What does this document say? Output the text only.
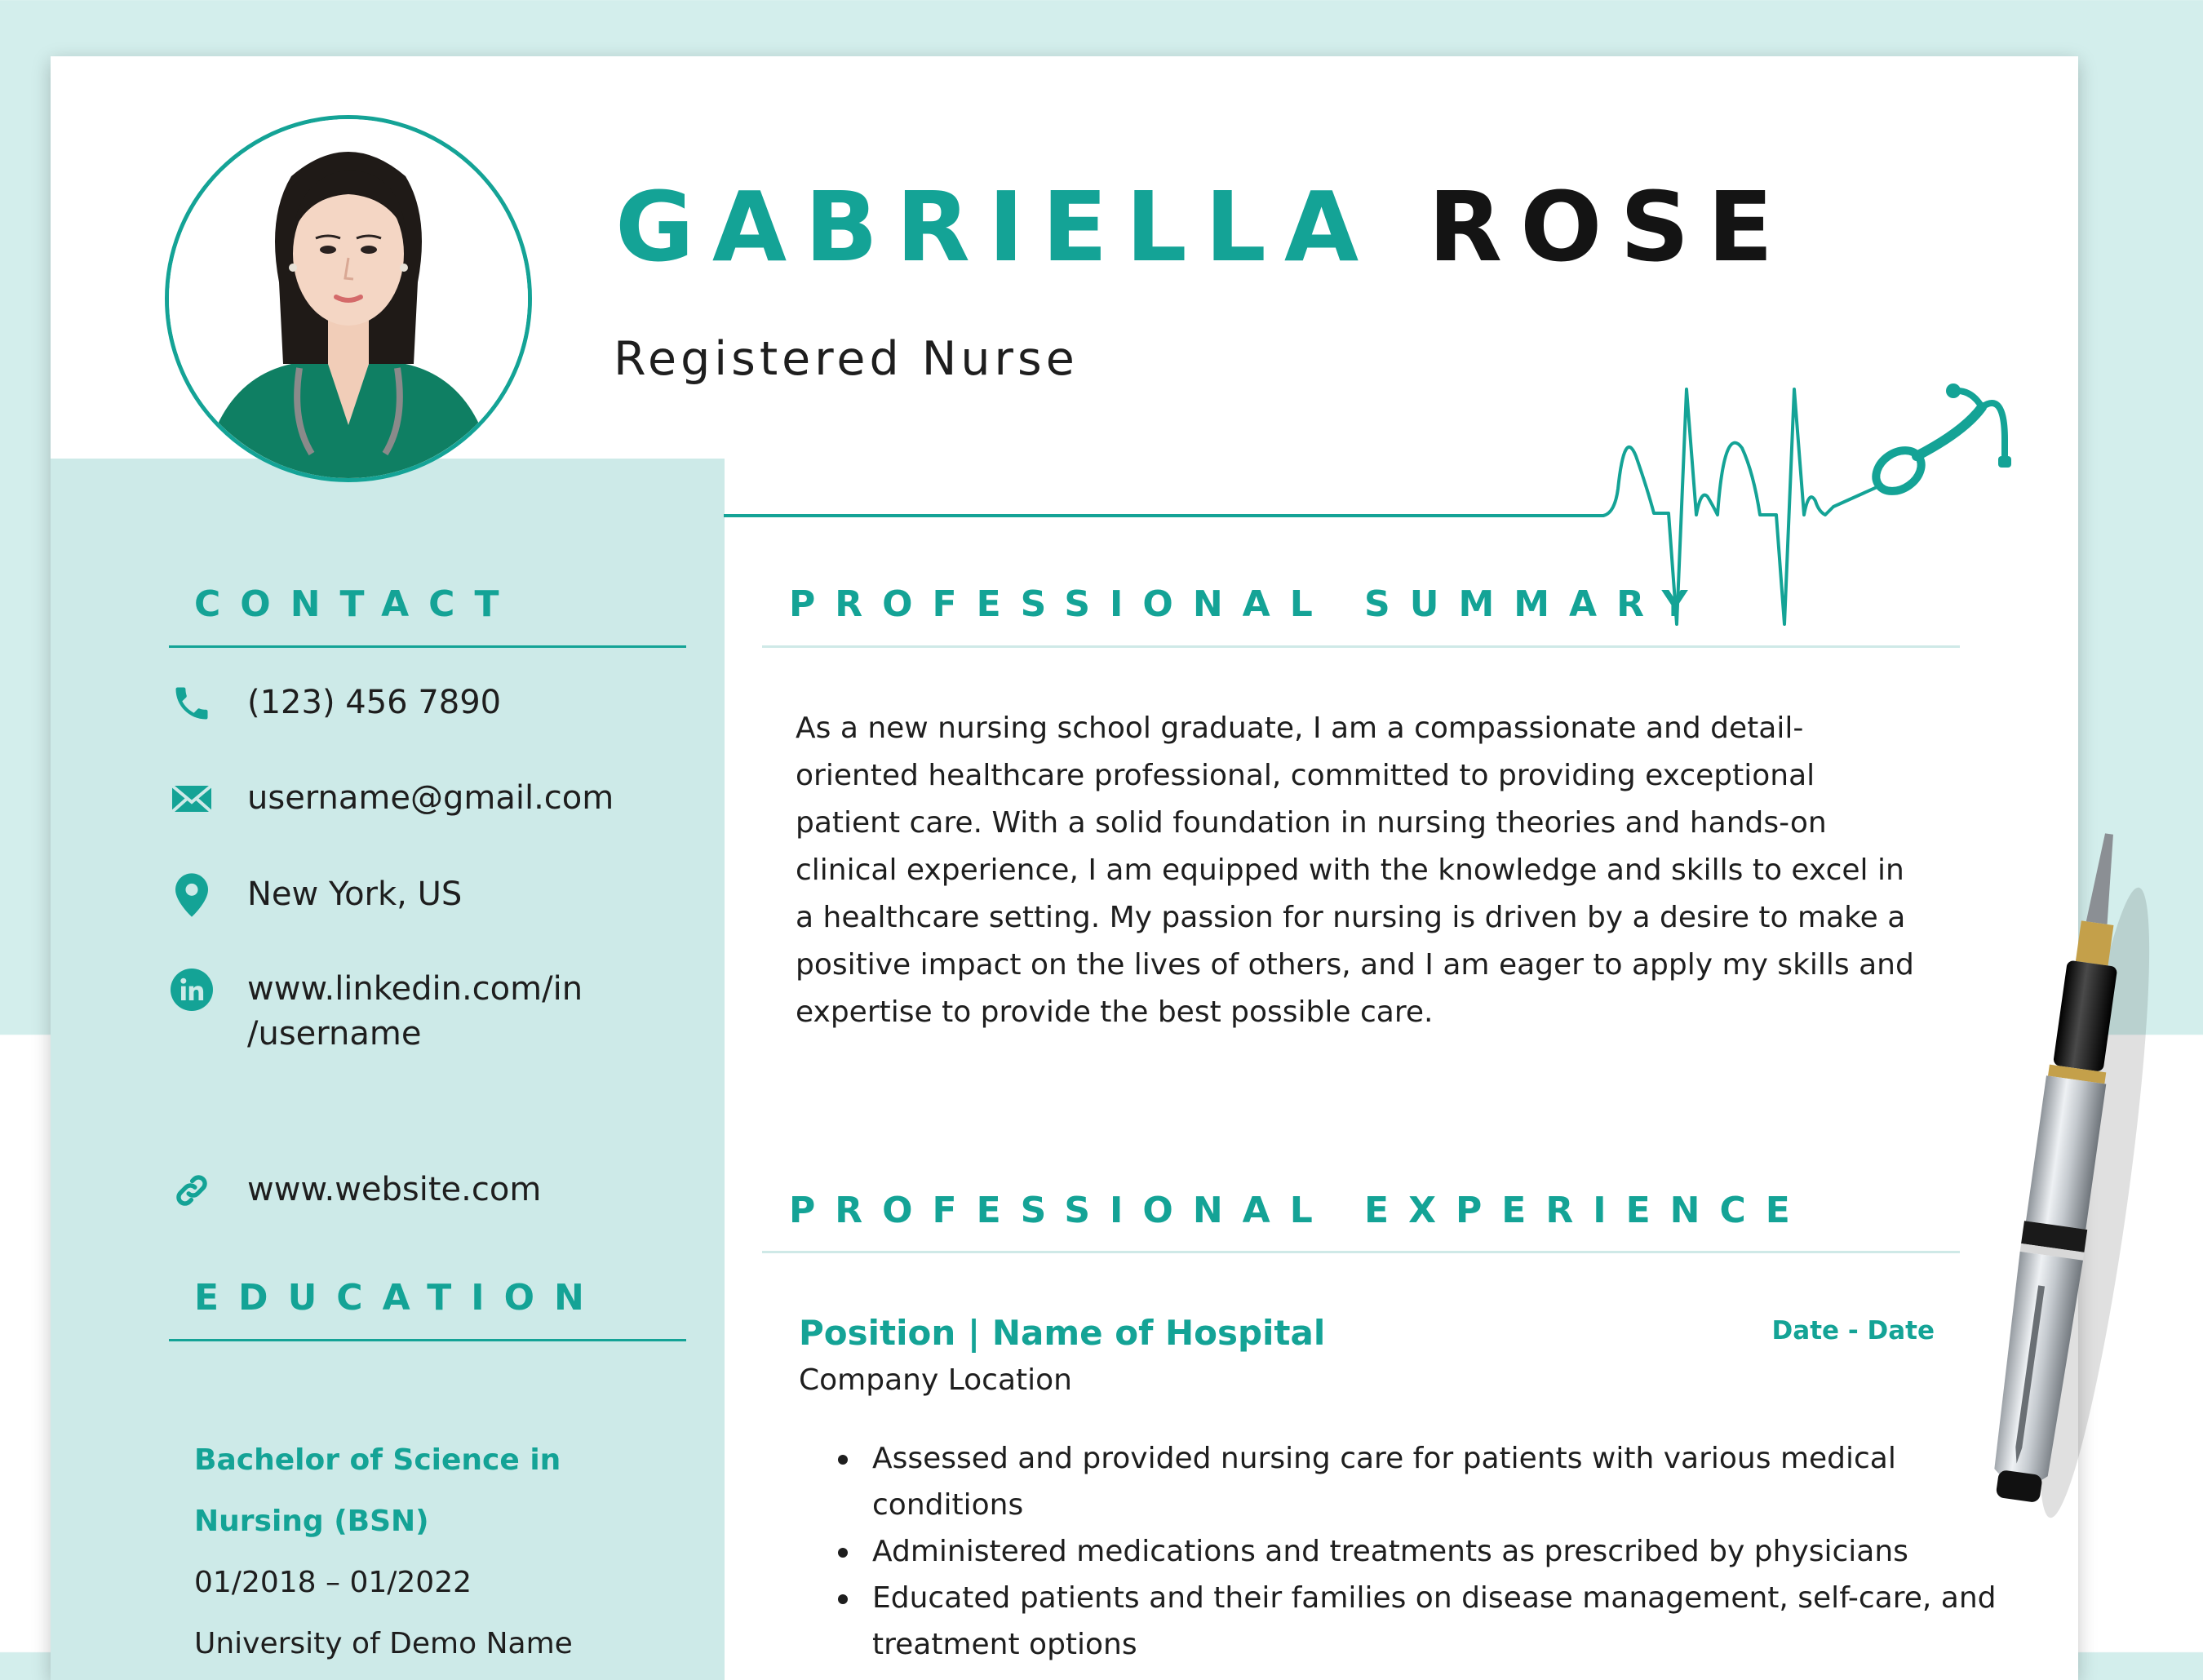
GABRIELLA ROSE
Registered Nurse
CONTACT
(123) 456 7890
username@gmail.com
New York, US
www.linkedin.com/in
/username
www.website.com
EDUCATION
Bachelor of Science in Nursing (BSN)
01/2018 – 01/2022
University of Demo Name
PROFESSIONAL SUMMARY

As a new nursing school graduate, I am a compassionate and detail-oriented healthcare professional, committed to providing exceptional patient care. With a solid foundation in nursing theories and hands-on clinical experience, I am equipped with the knowledge and skills to excel in a healthcare setting. My passion for nursing is driven by a desire to make a positive impact on the lives of others, and I am eager to apply my skills and expertise to provide the best possible care.

PROFESSIONAL EXPERIENCE
Position | Name of Hospital	Date - Date
Company Location
Assessed and provided nursing care for patients with various medical conditions
Administered medications and treatments as prescribed by physicians
Educated patients and their families on disease management, self-care, and treatment options
